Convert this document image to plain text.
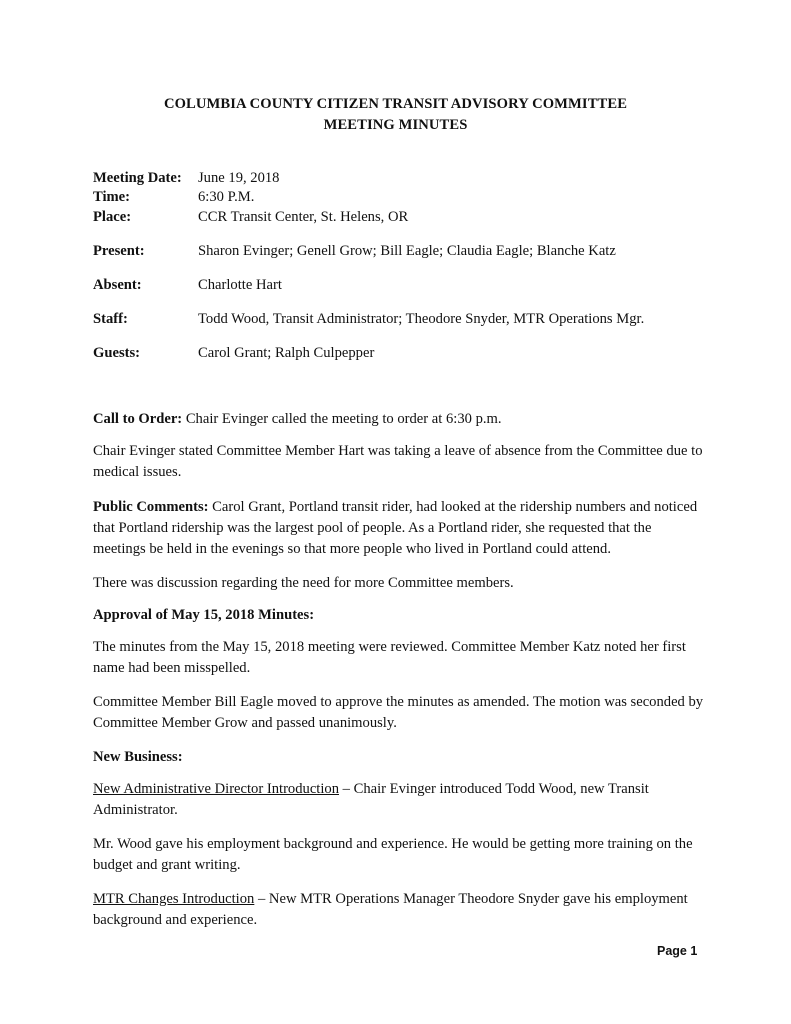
COLUMBIA COUNTY CITIZEN TRANSIT ADVISORY COMMITTEE
MEETING MINUTES
Meeting Date: June 19, 2018
Time:	6:30 P.M.
Place:	CCR Transit Center, St. Helens, OR
Present:	Sharon Evinger; Genell Grow; Bill Eagle; Claudia Eagle; Blanche Katz
Absent:	Charlotte Hart
Staff:	Todd Wood, Transit Administrator; Theodore Snyder, MTR Operations Mgr.
Guests:	Carol Grant; Ralph Culpepper
Call to Order: Chair Evinger called the meeting to order at 6:30 p.m.
Chair Evinger stated Committee Member Hart was taking a leave of absence from the Committee due to medical issues.
Public Comments: Carol Grant, Portland transit rider, had looked at the ridership numbers and noticed that Portland ridership was the largest pool of people. As a Portland rider, she requested that the meetings be held in the evenings so that more people who lived in Portland could attend.
There was discussion regarding the need for more Committee members.
Approval of May 15, 2018 Minutes:
The minutes from the May 15, 2018 meeting were reviewed. Committee Member Katz noted her first name had been misspelled.
Committee Member Bill Eagle moved to approve the minutes as amended. The motion was seconded by Committee Member Grow and passed unanimously.
New Business:
New Administrative Director Introduction – Chair Evinger introduced Todd Wood, new Transit Administrator.
Mr. Wood gave his employment background and experience. He would be getting more training on the budget and grant writing.
MTR Changes Introduction – New MTR Operations Manager Theodore Snyder gave his employment background and experience.
Page 1
